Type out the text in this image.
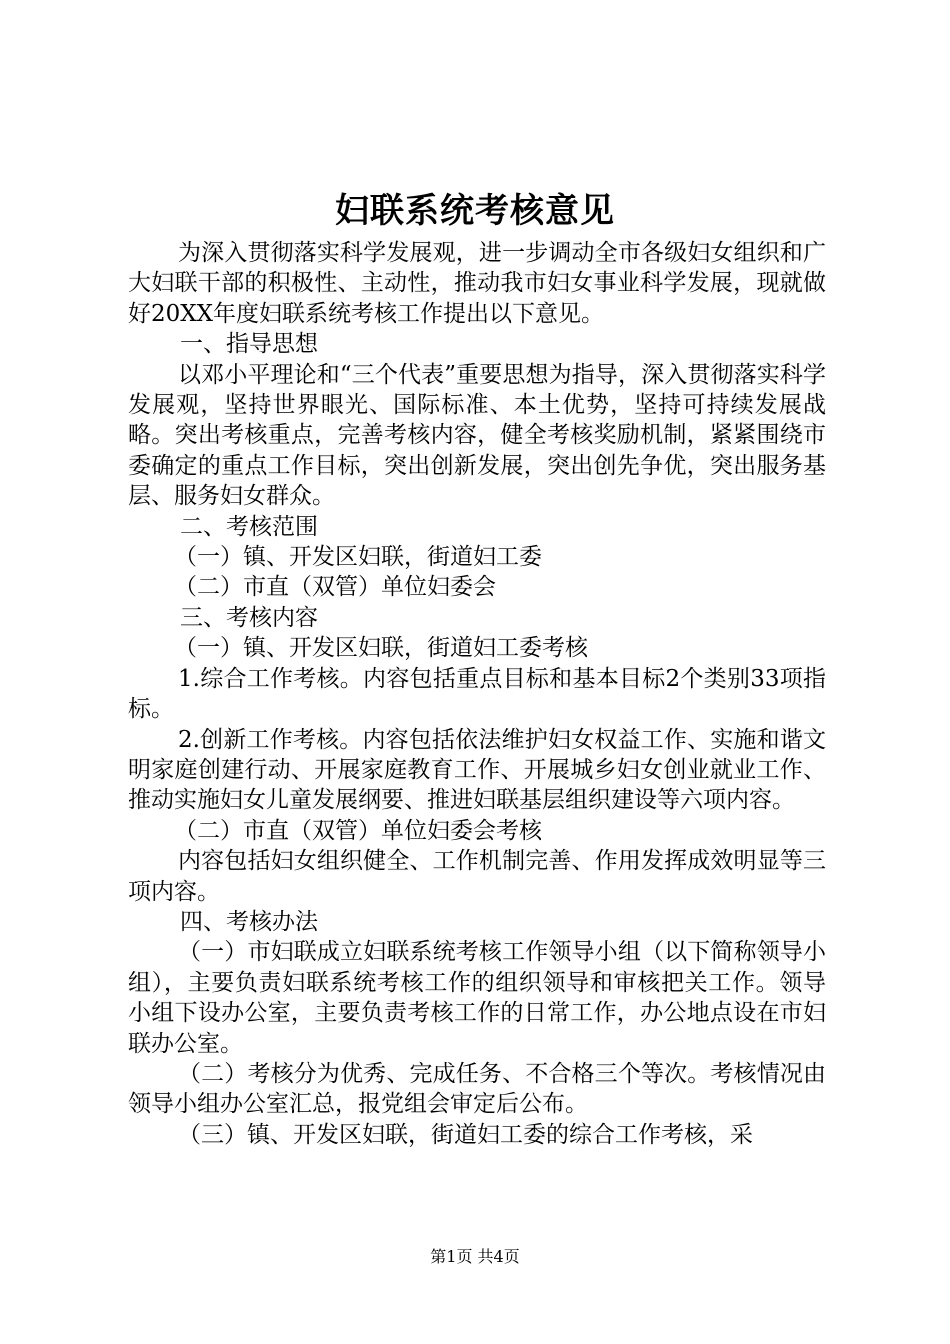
妇联系统考核意见

为深入贯彻落实科学发展观，进一步调动全市各级妇女组织和广大妇联干部的积极性、主动性，推动我市妇女事业科学发展，现就做好20XX年度妇联系统考核工作提出以下意见。

一、指导思想

以邓小平理论和“三个代表”重要思想为指导，深入贯彻落实科学发展观，坚持世界眼光、国际标准、本土优势，坚持可持续发展战略。突出考核重点，完善考核内容，健全考核奖励机制，紧紧围绕市委确定的重点工作目标，突出创新发展，突出创先争优，突出服务基层、服务妇女群众。

二、考核范围

（一）镇、开发区妇联，街道妇工委

（二）市直（双管）单位妇委会

三、考核内容

（一）镇、开发区妇联，街道妇工委考核

1.综合工作考核。内容包括重点目标和基本目标2个类别33项指标。

2.创新工作考核。内容包括依法维护妇女权益工作、实施和谐文明家庭创建行动、开展家庭教育工作、开展城乡妇女创业就业工作、推动实施妇女儿童发展纲要、推进妇联基层组织建设等六项内容。

（二）市直（双管）单位妇委会考核

内容包括妇女组织健全、工作机制完善、作用发挥成效明显等三项内容。

四、考核办法

（一）市妇联成立妇联系统考核工作领导小组（以下简称领导小组），主要负责妇联系统考核工作的组织领导和审核把关工作。领导小组下设办公室，主要负责考核工作的日常工作，办公地点设在市妇联办公室。

（二）考核分为优秀、完成任务、不合格三个等次。考核情况由领导小组办公室汇总，报党组会审定后公布。

（三）镇、开发区妇联，街道妇工委的综合工作考核，采

第1页 共4页
